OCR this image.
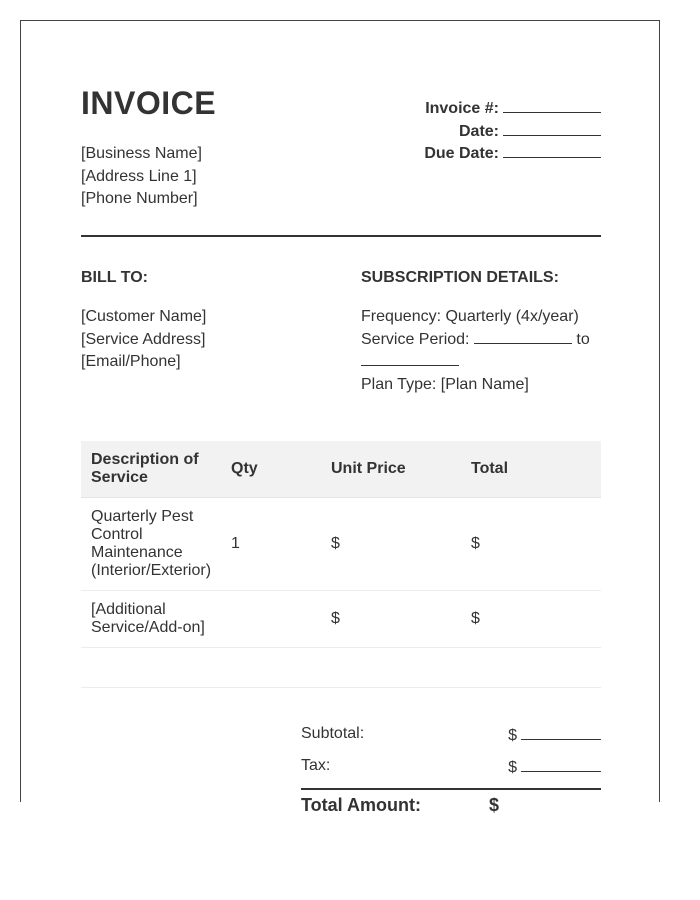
INVOICE
[Business Name]
[Address Line 1]
[Phone Number]
Invoice #:
Date:
Due Date:
BILL TO:	SUBSCRIPTION DETAILS:
[Customer Name]
[Service Address]
[Email/Phone]
Frequency: Quarterly (4x/year)
Service Period:	to
Plan Type: [Plan Name]
Description of Service	Qty	Unit Price	Total
Quarterly Pest Control Maintenance (Interior/Exterior)	1	$	$
[Additional Service/Add-on]		$	$

Subtotal:	$
Tax:	$
Total Amount:	$
